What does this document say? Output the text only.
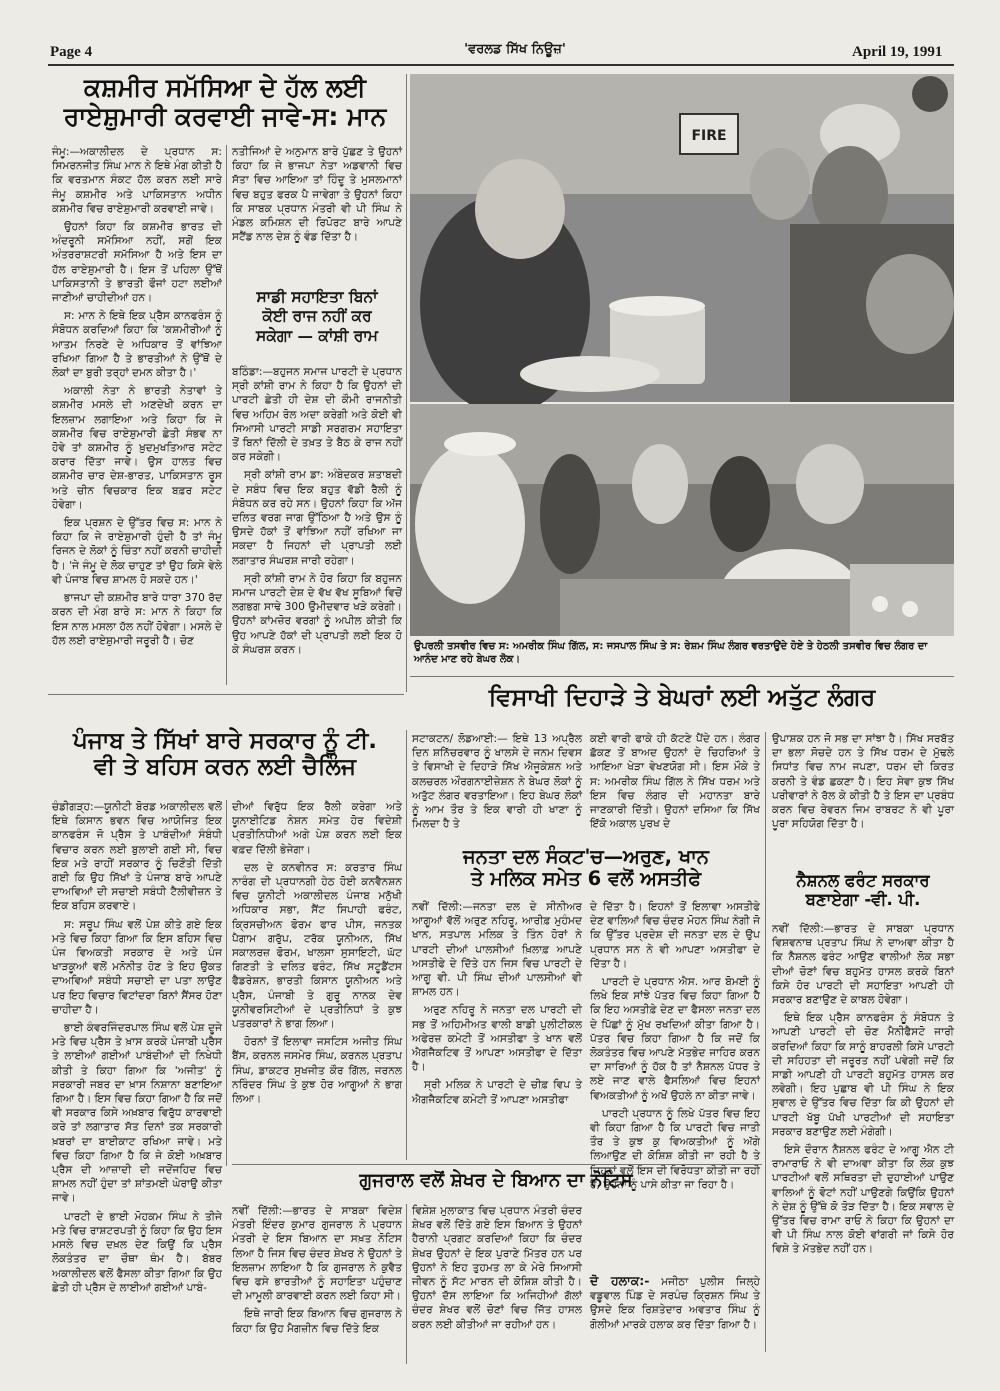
Page 4	'ਵਰਲਡ ਸਿੱਖ ਨਿਊਜ਼'	April 19, 1991
ਕਸ਼ਮੀਰ ਸਮੱਸਿਆ ਦੇ ਹੱਲ ਲਈ
ਰਾਏਸ਼ੁਮਾਰੀ ਕਰਵਾਈ ਜਾਵੇ-ਸ: ਮਾਨ

ਜੰਮੂ:—ਅਕਾਲੀਦਲ ਦੇ ਪ੍ਰਧਾਨ ਸ: ਸਿਮਰਨਜੀਤ ਸਿੰਘ ਮਾਨ ਨੇ ਇਥੇ ਮੰਗ ਕੀਤੀ ਹੈ ਕਿ ਵਰਤਮਾਨ ਸੰਕਟ ਹੱਲ ਕਰਨ ਲਈ ਸਾਰੇ ਜੰਮੂ ਕਸ਼ਮੀਰ ਅਤੇ ਪਾਕਿਸਤਾਨ ਅਧੀਨ ਕਸ਼ਮੀਰ ਵਿਚ ਰਾਏਸ਼ੁਮਾਰੀ ਕਰਵਾਈ ਜਾਵੇ।

ਉਹਨਾਂ ਕਿਹਾ ਕਿ ਕਸ਼ਮੀਰ ਭਾਰਤ ਦੀ ਅੰਦਰੂਨੀ ਸਮੱਸਿਆ ਨਹੀਂ, ਸਗੋਂ ਇਕ ਅੰਤਰਰਾਸ਼ਟਰੀ ਸਮੱਸਿਆ ਹੈ ਅਤੇ ਇਸ ਦਾ ਹੱਲ ਰਾਏਸ਼ੁਮਾਰੀ ਹੈ। ਇਸ ਤੋਂ ਪਹਿਲਾ ਉੱਥੋਂ ਪਾਕਿਸਤਾਨੀ ਤੇ ਭਾਰਤੀ ਫੌਜਾਂ ਹਟਾ ਲਈਆਂ ਜਾਣੀਆਂ ਚਾਹੀਦੀਆਂ ਹਨ।

ਸ: ਮਾਨ ਨੇ ਇਥੇ ਇਕ ਪ੍ਰੈਸ ਕਾਨਫਰੰਸ ਨੂੰ ਸੰਬੋਧਨ ਕਰਦਿਆਂ ਕਿਹਾ ਕਿ 'ਕਸ਼ਮੀਰੀਆਂ ਨੂੰ ਆਤਮ ਨਿਰਣੇ ਦੇ ਅਧਿਕਾਰ ਤੋਂ ਵਾਂਝਿਆ ਰਖਿਆ ਗਿਆ ਹੈ ਤੇ ਭਾਰਤੀਆਂ ਨੇ ਉੱਥੋਂ ਦੇ ਲੋਕਾਂ ਦਾ ਬੁਰੀ ਤਰ੍ਹਾਂ ਦਮਨ ਕੀਤਾ ਹੈ।'

ਅਕਾਲੀ ਨੇਤਾ ਨੇ ਭਾਰਤੀ ਨੇਤਾਵਾਂ ਤੇ ਕਸ਼ਮੀਰ ਮਸਲੇ ਦੀ ਅਣਦੇਖੀ ਕਰਨ ਦਾ ਇਲਜ਼ਾਮ ਲਗਾਇਆ ਅਤੇ ਕਿਹਾ ਕਿ ਜੇ ਕਸ਼ਮੀਰ ਵਿਚ ਰਾਏਸ਼ੁਮਾਰੀ ਛੇਤੀ ਸੰਭਵ ਨਾ ਹੋਵੇ ਤਾਂ ਕਸ਼ਮੀਰ ਨੂੰ ਖ਼ੁਦਮੁਖਤਿਆਰ ਸਟੇਟ ਕਰਾਰ ਦਿੱਤਾ ਜਾਵੇ। ਉਸ ਹਾਲਤ ਵਿਚ ਕਸ਼ਮੀਰ ਚਾਰ ਦੇਸ਼-ਭਾਰਤ, ਪਾਕਿਸਤਾਨ ਰੂਸ ਅਤੇ ਚੀਨ ਵਿਚਕਾਰ ਇਕ ਬਫ਼ਰ ਸਟੇਟ ਹੋਵੇਗਾ।

ਇਕ ਪ੍ਰਸ਼ਨ ਦੇ ਉੱਤਰ ਵਿਚ ਸ: ਮਾਨ ਨੇ ਕਿਹਾ ਕਿ ਜੇ ਰਾਏਸ਼ੁਮਾਰੀ ਹੁੰਦੀ ਹੈ ਤਾਂ ਜੰਮੂ ਰਿਜਨ ਦੇ ਲੋਕਾਂ ਨੂੰ ਚਿੰਤਾ ਨਹੀਂ ਕਰਨੀ ਚਾਹੀਦੀ ਹੈ। 'ਜੇ ਜੰਮੂ ਦੇ ਲੋਕ ਚਾਹੁਣ ਤਾਂ ਉਹ ਕਿਸੇ ਵੇਲੇ ਵੀ ਪੰਜਾਬ ਵਿਚ ਸ਼ਾਮਲ ਹੋ ਸਕਦੇ ਹਨ।'

ਭਾਜਪਾ ਦੀ ਕਸ਼ਮੀਰ ਬਾਰੇ ਧਾਰਾ 370 ਰੱਦ ਕਰਨ ਦੀ ਮੰਗ ਬਾਰੇ ਸ: ਮਾਨ ਨੇ ਕਿਹਾ ਕਿ ਇਸ ਨਾਲ ਮਸਲਾ ਹੱਲ ਨਹੀਂ ਹੋਵੇਗਾ। ਮਸਲੇ ਦੇ ਹੱਲ ਲਈ ਰਾਏਸ਼ੁਮਾਰੀ ਜਰੂਰੀ ਹੈ। ਚੋਣ

ਨਤੀਜਿਆਂ ਦੇ ਅਨੁਮਾਨ ਬਾਰੇ ਪੁੱਛਣ ਤੇ ਉਹਨਾਂ ਕਿਹਾ ਕਿ ਜੇ ਭਾਜਪਾ ਨੇਤਾ ਅਡਵਾਨੀ ਵਿਚ ਸੱਤਾ ਵਿਚ ਆਇਆ ਤਾਂ ਹਿੰਦੂ ਤੇ ਮੁਸਲਮਾਨਾਂ ਵਿਚ ਬਹੁਤ ਫਰਕ ਪੈ ਜਾਵੇਗਾ ਤੇ ਉਹਨਾਂ ਕਿਹਾ ਕਿ ਸਾਬਕ ਪ੍ਰਧਾਨ ਮੰਤਰੀ ਵੀ ਪੀ ਸਿੰਘ ਨੇ ਮੰਡਲ ਕਮਿਸ਼ਨ ਦੀ ਰਿਪੋਰਟ ਬਾਰੇ ਆਪਣੇ ਸਟੈਂਡ ਨਾਲ ਦੇਸ਼ ਨੂੰ ਵੰਡ ਦਿੱਤਾ ਹੈ।

ਸਾਡੀ ਸਹਾਇਤਾ ਬਿਨਾਂ
ਕੋਈ ਰਾਜ ਨਹੀਂ ਕਰ
ਸਕੇਗਾ — ਕਾਂਸ਼ੀ ਰਾਮ

ਬਠਿੰਡਾ:—ਬਹੁਜਨ ਸਮਾਜ ਪਾਰਟੀ ਦੇ ਪ੍ਰਧਾਨ ਸ੍ਰੀ ਕਾਂਸ਼ੀ ਰਾਮ ਨੇ ਕਿਹਾ ਹੈ ਕਿ ਉਹਨਾਂ ਦੀ ਪਾਰਟੀ ਛੇਤੀ ਹੀ ਦੇਸ਼ ਦੀ ਕੌਮੀ ਰਾਜਨੀਤੀ ਵਿਚ ਅਹਿਮ ਰੋਲ ਅਦਾ ਕਰੇਗੀ ਅਤੇ ਕੋਈ ਵੀ ਸਿਆਸੀ ਪਾਰਟੀ ਸਾਡੀ ਸਰਗਰਮ ਸਹਾਇਤਾ ਤੋਂ ਬਿਨਾਂ ਦਿੱਲੀ ਦੇ ਤਖ਼ਤ ਤੇ ਬੈਠ ਕੇ ਰਾਜ ਨਹੀਂ ਕਰ ਸਕੇਗੀ।

ਸ੍ਰੀ ਕਾਂਸ਼ੀ ਰਾਮ ਡਾ: ਅੰਬੇਦਕਰ ਸ਼ਤਾਬਦੀ ਦੇ ਸਬੰਧ ਵਿਚ ਇਕ ਬਹੁਤ ਵੱਡੀ ਰੈਲੀ ਨੂੰ ਸੰਬੋਧਨ ਕਰ ਰਹੇ ਸਨ। ਉਹਨਾਂ ਕਿਹਾ ਕਿ ਅੱਜ ਦਲਿਤ ਵਰਗ ਜਾਗ ਉੱਠਿਆ ਹੈ ਅਤੇ ਉਸ ਨੂੰ ਉਸਦੇ ਹੱਕਾਂ ਤੋਂ ਵਾਂਝਿਆ ਨਹੀਂ ਰਖਿਆ ਜਾ ਸਕਦਾ ਹੈ ਜਿਹਨਾਂ ਦੀ ਪ੍ਰਾਪਤੀ ਲਈ ਲਗਾਤਾਰ ਸੰਘਰਸ਼ ਜਾਰੀ ਰਹੇਗਾ।

ਸ੍ਰੀ ਕਾਂਸ਼ੀ ਰਾਮ ਨੇ ਹੋਰ ਕਿਹਾ ਕਿ ਬਹੁਜਨ ਸਮਾਜ ਪਾਰਟੀ ਦੇਸ਼ ਦੇ ਵੱਖ ਵੱਖ ਸੂਬਿਆਂ ਵਿਚੋਂ ਲਗਭਗ ਸਾਢੇ 300 ਉਮੀਦਵਾਰ ਖੜੇ ਕਰੇਗੀ। ਉਹਨਾਂ ਕਾਂਮਜ਼ੋਰ ਵਰਗਾਂ ਨੂੰ ਅਪੀਲ ਕੀਤੀ ਕਿ ਉਹ ਆਪਣੇ ਹੱਕਾਂ ਦੀ ਪ੍ਰਾਪਤੀ ਲਈ ਇਕ ਹੋ ਕੇ ਸੰਘਰਸ਼ ਕਰਨ।

FIRE
ਉਪਰਲੀ ਤਸਵੀਰ ਵਿਚ ਸ: ਅਮਰੀਕ ਸਿੰਘ ਗਿੱਲ, ਸ: ਜਸਪਾਲ ਸਿੰਘ ਤੇ ਸ: ਰੇਸ਼ਮ ਸਿੰਘ ਲੰਗਰ ਵਰਤਾਉਂਦੇ ਹੋਏ ਤੇ ਹੇਠਲੀ ਤਸਵੀਰ ਵਿਚ ਲੰਗਰ ਦਾ ਆਨੰਦ ਮਾਣ ਰਹੇ ਬੇਘਰ ਲੋਕ।
ਵਿਸਾਖੀ ਦਿਹਾੜੇ ਤੇ ਬੇਘਰਾਂ ਲਈ ਅਤੁੱਟ ਲੰਗਰ
ਪੰਜਾਬ ਤੇ ਸਿੱਖਾਂ ਬਾਰੇ ਸਰਕਾਰ ਨੂੰ ਟੀ.
ਵੀ ਤੇ ਬਹਿਸ ਕਰਨ ਲਈ ਚੈਲਿੰਜ

ਚੰਡੀਗੜ੍ਹ:—ਯੂਨੀਟੀ ਬੋਰਡ ਅਕਾਲੀਦਲ ਵਲੋਂ ਇਥੇ ਕਿਸਾਨ ਭਵਨ ਵਿਚ ਆਯੋਜਿਤ ਇਕ ਕਾਨਫਰੰਸ ਜੋ ਪ੍ਰੈਸ ਤੇ ਪਾਬੰਦੀਆਂ ਸੰਬੰਧੀ ਵਿਚਾਰ ਕਰਨ ਲਈ ਬੁਲਾਈ ਗਈ ਸੀ, ਵਿਚ ਇਕ ਮਤੇ ਰਾਹੀਂ ਸਰਕਾਰ ਨੂੰ ਚਿਣੌਤੀ ਦਿੱਤੀ ਗਈ ਕਿ ਉਹ ਸਿੱਖਾਂ ਤੇ ਪੰਜਾਬ ਬਾਰੇ ਆਪਣੇ ਦਾਅਵਿਆਂ ਦੀ ਸਚਾਈ ਸਬੰਧੀ ਟੈਲੀਵੀਜ਼ਨ ਤੇ ਇਕ ਬਹਿਸ ਕਰਵਾਏ।

ਸ: ਸਰੂਪ ਸਿੰਘ ਵਲੋਂ ਪੇਸ਼ ਕੀਤੇ ਗਏ ਇਕ ਮਤੇ ਵਿਚ ਕਿਹਾ ਗਿਆ ਕਿ ਇਸ ਬਹਿਸ ਵਿਚ ਪੰਜ ਵਿਅਕਤੀ ਸਰਕਾਰ ਦੇ ਅਤੇ ਪੰਜ ਖਾੜਕੂਆਂ ਵਲੋਂ ਮਨੋਨੀਤ ਹੋਣ ਤੇ ਇਹ ਉਕਤ ਦਾਅਵਿਆਂ ਸਬੰਧੀ ਸਚਾਈ ਦਾ ਪਤਾ ਲਾਉਣ ਪਰ ਇਹ ਵਿਚਾਰ ਵਿਟਾਂਦਰਾ ਬਿਨਾਂ ਸੈਂਸਰ ਹੋਣਾ ਚਾਹੀਦਾ ਹੈ।

ਭਾਈ ਕੰਵਰਜਿੰਦਰਪਾਲ ਸਿੰਘ ਵਲੋਂ ਪੇਸ਼ ਦੂਜੇ ਮਤੇ ਵਿਚ ਪ੍ਰੈਸ ਤੇ ਖ਼ਾਸ ਕਰਕੇ ਪੰਜਾਬੀ ਪ੍ਰੈਸ ਤੇ ਲਾਈਆਂ ਗਈਆਂ ਪਾਬੰਦੀਆਂ ਦੀ ਨਿਖੇਧੀ ਕੀਤੀ ਤੇ ਕਿਹਾ ਗਿਆ ਕਿ 'ਅਜੀਤ' ਨੂੰ ਸਰਕਾਰੀ ਜਬਰ ਦਾ ਖ਼ਾਸ ਨਿਸ਼ਾਨਾ ਬਣਾਇਆ ਗਿਆ ਹੈ। ਇਸ ਵਿਚ ਕਿਹਾ ਗਿਆ ਹੈ ਕਿ ਜਦੋਂ ਵੀ ਸਰਕਾਰ ਕਿਸੇ ਅਖ਼ਬਾਰ ਵਿਰੁੱਧ ਕਾਰਵਾਈ ਕਰੇ ਤਾਂ ਲਗਾਤਾਰ ਸੱਤ ਦਿਨਾਂ ਤਕ ਸਰਕਾਰੀ ਖ਼ਬਰਾਂ ਦਾ ਬਾਈਕਾਟ ਰਖਿਆ ਜਾਵੇ। ਮਤੇ ਵਿਚ ਕਿਹਾ ਗਿਆ ਹੈ ਕਿ ਜੇ ਕੋਈ ਅਖ਼ਬਾਰ ਪ੍ਰੈਸ ਦੀ ਆਜ਼ਾਦੀ ਦੀ ਜਦੋਂਜਹਿਦ ਵਿਚ ਸ਼ਾਮਲ ਨਹੀਂ ਹੁੰਦਾ ਤਾਂ ਸ਼ਾਂਤਮਈ ਘੇਰਾਉ ਕੀਤਾ ਜਾਵੇ।

ਪਾਰਟੀ ਦੇ ਭਾਈ ਮੋਹਕਮ ਸਿੰਘ ਨੇ ਤੀਜੇ ਮਤੇ ਵਿਚ ਰਾਸ਼ਟਰਪਤੀ ਨੂੰ ਕਿਹਾ ਕਿ ਉਹ ਇਸ ਮਸਲੇ ਵਿਚ ਦਖ਼ਲ ਦੇਣ ਕਿਉਂ ਕਿ ਪ੍ਰੈਸ ਲੋਕਤੰਤਰ ਦਾ ਚੌਥਾ ਥੰਮ ਹੈ। ਬੱਬਰ ਅਕਾਲੀਦਲ ਵਲੋਂ ਫੈਸਲਾ ਕੀਤਾ ਗਿਆ ਕਿ ਉਹ ਛੇਤੀ ਹੀ ਪ੍ਰੈਸ ਦੇ ਲਾਈਆਂ ਗਈਆਂ ਪਾਬੰ-

ਦੀਆਂ ਵਿਰੁੱਧ ਇਕ ਰੈਲੀ ਕਰੇਗਾ ਅਤੇ ਯੂਨਾਈਟਿਡ ਨੇਸ਼ਨ ਸਮੇਤ ਹੋਰ ਵਿਦੇਸ਼ੀ ਪ੍ਰਤੀਨਿਧੀਆਂ ਅਗੇ ਪੇਸ਼ ਕਰਨ ਲਈ ਇਕ ਵਫ਼ਦ ਦਿੱਲੀ ਭੇਜੇਗਾ।

ਦਲ ਦੇ ਕਨਵੀਨਰ ਸ: ਕਰਤਾਰ ਸਿੰਘ ਨਾਰੰਗ ਦੀ ਪ੍ਰਧਾਨਗੀ ਹੇਠ ਹੋਈ ਕਨਵੈਨਸ਼ਨ ਵਿਚ ਯੂਨੀਟੀ ਅਕਾਲੀਦਲ ਪੰਜਾਬ ਮਨੁੱਖੀ ਅਧਿਕਾਰ ਸਭਾ, ਸੈਂਟ ਸਿਪਾਹੀ ਫਰੰਟ, ਕ੍ਰਿਸਚੀਅਨ ਫੋਰਮ ਫਾਰ ਪੀਸ, ਜਨਤਕ ਪੈਗਾਮ ਗਰੁੱਪ, ਟਰੱਕ ਯੂਨੀਅਨ, ਸਿੱਖ ਸਕਾਲਰਜ਼ ਫੋਰਮ, ਖਾਲਸਾ ਸੁਸਾਇਟੀ, ਘੱਟ ਗਿਣਤੀ ਤੇ ਦਲਿਤ ਫਰੰਟ, ਸਿੱਖ ਸਟੂਡੈਂਟਸ ਫੈਡਰੇਸ਼ਨ, ਭਾਰਤੀ ਕਿਸਾਨ ਯੂਨੀਅਨ ਅਤੇ ਪ੍ਰੈਸ, ਪੰਜਾਬੀ ਤੇ ਗੁਰੂ ਨਾਨਕ ਦੇਵ ਯੂਨੀਵਰਸਿਟੀਆਂ ਦੇ ਪ੍ਰਤੀਨਿਧਾਂ ਤੇ ਕੁਝ ਪਤਰਕਾਰਾਂ ਨੇ ਭਾਗ ਲਿਆ।

ਹੋਰਨਾਂ ਤੋਂ ਇਲਾਵਾ ਜਸਟਿਸ ਅਜੀਤ ਸਿੰਘ ਬੈਂਸ, ਕਰਨਲ ਜਸਮੇਰ ਸਿੰਘ, ਕਰਨਲ ਪ੍ਰਤਾਪ ਸਿੰਘ, ਡਾਕਟਰ ਸੁਖਜੀਤ ਕੌਰ ਗਿੱਲ, ਜਰਨਲ ਨਰਿੰਦਰ ਸਿੰਘ ਤੇ ਕੁਝ ਹੋਰ ਆਗੂਆਂ ਨੇ ਭਾਗ ਲਿਆ।

ਸਟਾਕਟਨ/ ਲੋਡਆਈ:— ਇਥੇ 13 ਅਪ੍ਰੈਲ ਦਿਨ ਸ਼ਨਿੱਚਰਵਾਰ ਨੂੰ ਖਾਲਸੇ ਦੇ ਜਨਮ ਦਿਵਸ ਤੇ ਵਿਸਾਖੀ ਦੇ ਦਿਹਾੜੇ ਸਿੱਖ ਐਜੂਕੇਸ਼ਨ ਅਤੇ ਕਲਚਰਲ ਔਰਗਨਾਈਜ਼ੇਸ਼ਨ ਨੇ ਬੇਘਰ ਲੋਕਾਂ ਨੂੰ ਅਤੁੱਟ ਲੰਗਰ ਵਰਤਾਇਆ। ਇਹ ਬੇਘਰ ਲੋਕਾਂ ਨੂੰ ਆਮ ਤੌਰ ਤੇ ਇਕ ਵਾਰੀ ਹੀ ਖਾਣਾ ਨੂੰ ਮਿਲਦਾ ਹੈ ਤੇ

ਕਈ ਵਾਰੀ ਫਾਕੇ ਹੀ ਕੱਟਣੇ ਪੈਂਦੇ ਹਨ। ਲੰਗਰ ਛੱਕਣ ਤੋਂ ਬਾਅਦ ਉਹਨਾਂ ਦੇ ਚਿਹਰਿਆਂ ਤੇ ਆਇਆ ਖੇੜਾ ਵੇਖਣਯੋਗ ਸੀ। ਇਸ ਮੌਕੇ ਤੇ ਸ: ਅਮਰੀਕ ਸਿੰਘ ਗਿੱਲ ਨੇ ਸਿੱਖ ਧਰਮ ਅਤੇ ਇਸ ਵਿਚ ਲੰਗਰ ਦੀ ਮਹਾਨਤਾ ਬਾਰੇ ਜਾਣਕਾਰੀ ਦਿੱਤੀ। ਉਹਨਾਂ ਦਸਿਆ ਕਿ ਸਿੱਖ ਇੱਕੋ ਅਕਾਲ ਪੁਰਖ ਦੇ

ਉਪਾਸ਼ਕ ਹਨ ਜੋ ਸਭ ਦਾ ਸਾਂਝਾ ਹੈ। ਸਿੱਖ ਸਰਬੱਤ ਦਾ ਭਲਾ ਸੋਚਦੇ ਹਨ ਤੇ ਸਿੱਖ ਧਰਮ ਦੇ ਮੁੱਢਲੇ ਸਿਧਾਂਤ ਵਿਚ ਨਾਮ ਜਪਣਾ, ਧਰਮ ਦੀ ਕਿਰਤ ਕਰਨੀ ਤੇ ਵੰਡ ਛਕਣਾ ਹੈ। ਇਹ ਸੇਵਾ ਕੁਝ ਸਿੱਖ ਪਰੀਵਾਰਾਂ ਨੇ ਰੱਲ ਕੇ ਕੀਤੀ ਹੈ ਤੇ ਇਸ ਦਾ ਪ੍ਰਬੰਧ ਕਰਨ ਵਿਚ ਰੇਵਰਨ ਜਿਮ ਰਾਬਰਟ ਨੇ ਵੀ ਪੂਰਾ ਪੂਰਾ ਸਹਿਯੋਗ ਦਿੱਤਾ ਹੈ।

ਜਨਤਾ ਦਲ ਸੰਕਟ'ਚ—ਅਰੁਣ, ਖਾਨ
ਤੇ ਮਲਿਕ ਸਮੇਤ 6 ਵਲੋਂ ਅਸਤੀਫੇ

ਨਵੀਂ ਦਿੱਲੀ:—ਜਨਤਾ ਦਲ ਦੇ ਸੀਨੀਅਰ ਆਗੂਆਂ ਵੱਲੋਂ ਅਰੁਣ ਨਹਿਰੂ, ਆਰੀਫ਼ ਮੁਹੰਮਦ ਖਾਨ, ਸਤਪਾਲ ਮਲਿਕ ਤੇ ਤਿੰਨ ਹੋਰਾਂ ਨੇ ਪਾਰਟੀ ਦੀਆਂ ਪਾਲਸੀਆਂ ਖ਼ਿਲਾਫ਼ ਆਪਣੇ ਅਸਤੀਫੇ ਦੇ ਦਿੱਤੇ ਹਨ ਜਿਸ ਵਿਚ ਪਾਰਟੀ ਦੇ ਆਗੂ ਵੀ. ਪੀ ਸਿੰਘ ਦੀਆਂ ਪਾਲਸੀਆਂ ਵੀ ਸ਼ਾਮਲ ਹਨ।

ਅਰੁਣ ਨਹਿਰੂ ਨੇ ਜਨਤਾ ਦਲ ਪਾਰਟੀ ਦੀ ਸਭ ਤੋਂ ਅਹਿਮੀਅਤ ਵਾਲੀ ਬਾਡੀ ਪੁਲੀਟੀਕਲ ਅਫੇਰਜ਼ ਕਮੇਟੀ ਤੋਂ ਅਸਤੀਫਾ ਤੇ ਖਾਨ ਵਲੋਂ ਐਗਜੈਕਟਿਵ ਤੋਂ ਆਪਣਾ ਅਸਤੀਫਾ ਦੇ ਦਿੱਤਾ ਹੈ।

ਸ੍ਰੀ ਮਲਿਕ ਨੇ ਪਾਰਟੀ ਦੇ ਚੀਫ਼ ਵਿਪ ਤੇ ਐਗਜੈਕਟਿਵ ਕਮੇਟੀ ਤੋਂ ਆਪਣਾ ਅਸਤੀਫਾ

ਦੇ ਦਿੱਤਾ ਹੈ। ਇਹਨਾਂ ਤੋਂ ਇਲਾਵਾ ਅਸਤੀਫੇ ਦੇਣ ਵਾਲਿਆਂ ਵਿਚ ਚੰਦਰ ਮੋਹਨ ਸਿੰਘ ਨੇਗੀ ਜੋ ਕਿ ਉੱਤਰ ਪ੍ਰਦੇਸ਼ ਦੀ ਜਨਤਾ ਦਲ ਦੇ ਉਪ ਪ੍ਰਧਾਨ ਸਨ ਨੇ ਵੀ ਆਪਣਾ ਅਸਤੀਫਾ ਦੇ ਦਿੱਤਾ ਹੈ।

ਪਾਰਟੀ ਦੇ ਪ੍ਰਧਾਨ ਐਸ. ਆਰ ਬੋਮਈ ਨੂੰ ਲਿਖੇ ਇਕ ਸਾਂਝੇ ਪੱਤਰ ਵਿਚ ਕਿਹਾ ਗਿਆ ਹੈ ਕਿ ਇਹ ਅਸਤੀਫ਼ੇ ਦੇਣ ਦਾ ਫੈਸਲਾ ਜਨਤਾ ਦਲ ਦੇ ਪਿੱਛਾਂ ਨੂੰ ਮੁੱਖ ਰਖਦਿਆਂ ਕੀਤਾ ਗਿਆ ਹੈ। ਪੱਤਰ ਵਿਚ ਕਿਹਾ ਗਿਆ ਹੈ ਕਿ ਜਦੋਂ ਕਿ ਲੋਕਤੰਤਰ ਵਿਚ ਆਪਣੇ ਮੱਤਭੇਦ ਜਾਹਿਰ ਕਰਨ ਦਾ ਸਾਰਿਆਂ ਨੂੰ ਹੱਕ ਹੈ ਤਾਂ ਨੈਸ਼ਨਲ ਪੱਧਰ ਤੇ ਲਏ ਜਾਣ ਵਾਲੇ ਫੈਸਲਿਆਂ ਵਿਚ ਇਹਨਾਂ ਵਿਅਕਤੀਆਂ ਨੂੰ ਅਖੋਂ ਉਹਲੇ ਨਾ ਕੀਤਾ ਜਾਵੇ।

ਪਾਰਟੀ ਪ੍ਰਧਾਨ ਨੂੰ ਲਿਖੇ ਪੱਤਰ ਵਿਚ ਇਹ ਵੀ ਕਿਹਾ ਗਿਆ ਹੈ ਕਿ ਪਾਰਟੀ ਵਿਚ ਜਾਤੀ ਤੌਰ ਤੇ ਕੁਝ ਕੁ ਵਿਅਕਤੀਆਂ ਨੂੰ ਅੱਗੇ ਲਿਆਉਣ ਦੀ ਕੋਸ਼ਿਸ਼ ਕੀਤੀ ਜਾ ਰਹੀ ਹੈ ਤੇ ਜਿਹਨਾਂ ਵਲੋਂ ਇਸ ਦੀ ਵਿਰੋਧਤਾ ਕੀਤੀ ਜਾ ਰਹੀ ਹੈ, ਉਹਨਾਂ ਨੂੰ ਪਾਸੇ ਕੀਤਾ ਜਾ ਰਿਹਾ ਹੈ।

ਨੈਸ਼ਨਲ ਫਰੰਟ ਸਰਕਾਰ
ਬਣਾਏਗਾ -ਵੀ. ਪੀ.

ਨਵੀਂ ਦਿੱਲੀ:—ਭਾਰਤ ਦੇ ਸਾਬਕਾ ਪ੍ਰਧਾਨ ਵਿਸ਼ਵਨਾਥ ਪ੍ਰਤਾਪ ਸਿੰਘ ਨੇ ਦਾਅਵਾ ਕੀਤਾ ਹੈ ਕਿ ਨੈਸ਼ਨਲ ਫਰੰਟ ਆਉਣ ਵਾਲੀਆਂ ਲੋਕ ਸਭਾ ਦੀਆਂ ਚੋਣਾਂ ਵਿਚ ਬਹੁਮੱਤ ਹਾਸਲ ਕਰਕੇ ਬਿਨਾਂ ਕਿਸੇ ਹੋਰ ਪਾਰਟੀ ਦੀ ਸਹਾਇਤਾ ਆਪਣੀ ਹੀ ਸਰਕਾਰ ਬਣਾਉਣ ਦੇ ਕਾਬਲ ਹੋਵੇਗਾ।

ਇਥੇ ਇਕ ਪ੍ਰੈਸ ਕਾਨਫਰੰਸ ਨੂੰ ਸੰਬੋਧਨ ਤੇ ਆਪਣੀ ਪਾਰਟੀ ਦੀ ਚੋਣ ਮੈਨੀਫੈਸਟੋ ਜਾਰੀ ਕਰਦਿਆਂ ਕਿਹਾ ਕਿ ਸਾਨੂੰ ਬਾਹਰਲੀ ਕਿਸੇ ਪਾਰਟੀ ਦੀ ਸਹਿਹਤਾ ਦੀ ਜਰੂਰਤ ਨਹੀਂ ਪਵੇਗੀ ਜਦੋਂ ਕਿ ਸਾਡੀ ਆਪਣੀ ਹੀ ਪਾਰਟੀ ਬਹੁਮੱਤ ਹਾਸਲ ਕਰ ਲਵੇਗੀ। ਇਹ ਪੁਛਾਬ ਵੀ ਪੀ ਸਿੰਘ ਨੇ ਇਕ ਸੁਵਾਲ ਦੇ ਉੱਤਰ ਵਿਚ ਦਿੱਤਾ ਕਿ ਕੀ ਉਹਨਾਂ ਦੀ ਪਾਰਟੀ ਖੱਬੂ ਪੱਖੀ ਪਾਰਟੀਆਂ ਦੀ ਸਹਾਇਤਾ ਸਰਕਾਰ ਬਣਾਉਣ ਲਈ ਮੰਗੇਗੀ।

ਇਸੇ ਦੌਰਾਨ ਨੈਸ਼ਨਲ ਫਰੰਟ ਦੇ ਆਗੂ ਐਨ ਟੀ ਰਾਮਾਰਾਓ ਨੇ ਵੀ ਦਾਅਵਾ ਕੀਤਾ ਕਿ ਲੋਕ ਕੁਝ ਪਾਰਟੀਆਂ ਵਲੋਂ ਸਥਿਰਤਾ ਦੀ ਦੁਹਾਈਆਂ ਪਾਉਣ ਵਾਲਿਆਂ ਨੂੰ ਵੋਟਾਂ ਨਹੀਂ ਪਾਉਣਗੇ ਕਿਉਂਕਿ ਉਹਨਾਂ ਨੇ ਦੇਸ਼ ਨੂੰ ਉੱਥੇ ਕੋ ਤੋੜ ਦਿੱਤਾ ਹੈ। ਇਕ ਸਵਾਲ ਦੇ ਉੱਤਰ ਵਿਚ ਰਾਮਾ ਰਾਓ ਨੇ ਕਿਹਾ ਕਿ ਉਹਨਾਂ ਦਾ ਵੀ ਪੀ ਸਿੰਘ ਨਾਲ ਕੋਈ ਵਾਂਗਰੀ ਜਾਂ ਕਿਸੇ ਹੋਰ ਵਿਸ਼ੇ ਤੇ ਮੱਤਭੇਦ ਨਹੀਂ ਹਨ।

ਗੁਜਰਾਲ ਵਲੋਂ ਸ਼ੇਖਰ ਦੇ ਬਿਆਨ ਦਾ ਨੋਟਿਸ

ਨਵੀਂ ਦਿੱਲੀ:—ਭਾਰਤ ਦੇ ਸਾਬਕਾ ਵਿਦੇਸ਼ ਮੰਤਰੀ ਇੰਦਰ ਕੁਮਾਰ ਗੁਜਰਾਲ ਨੇ ਪ੍ਰਧਾਨ ਮੰਤਰੀ ਦੇ ਇਸ ਬਿਆਨ ਦਾ ਸਖ਼ਤ ਨੋਟਿਸ ਲਿਆ ਹੈ ਜਿਸ ਵਿਚ ਚੰਦਰ ਸ਼ੇਖਰ ਨੇ ਉਹਨਾਂ ਤੇ ਇਲਜ਼ਾਮ ਲਾਇਆ ਹੈ ਕਿ ਗੁਜਰਾਲ ਨੇ ਕੁਵੈਤ ਵਿਚ ਫਸੇ ਭਾਰਤੀਆਂ ਨੂੰ ਸਹਾਇਤਾ ਪਹੁੰਚਾਣ ਦੀ ਮਾਮੂਲੀ ਕਾਰਵਾਈ ਕਰਨ ਲਈ ਕਿਹਾ ਸੀ।

ਇਥੇ ਜਾਰੀ ਇਕ ਬਿਆਨ ਵਿਚ ਗੁਜਰਾਲ ਨੇ ਕਿਹਾ ਕਿ ਉਹ ਮੈਗਜ਼ੀਨ ਵਿਚ ਦਿੱਤੇ ਇਕ

ਵਿਸ਼ੇਸ਼ ਮੁਲਾਕਾਤ ਵਿਚ ਪ੍ਰਧਾਨ ਮੰਤਰੀ ਚੰਦਰ ਸ਼ੇਖਰ ਵਲੋਂ ਦਿੱਤੇ ਗਏ ਇਸ ਬਿਆਨ ਤੇ ਉਹਨਾਂ ਹੈਰਾਨੀ ਪ੍ਰਗਟ ਕਰਦਿਆਂ ਕਿਹਾ ਕਿ ਚੰਦਰ ਸ਼ੇਖਰ ਉਹਨਾਂ ਦੇ ਇਕ ਪੁਰਾਣੇ ਮਿੱਤਰ ਹਨ ਪਰ ਉਹਨਾਂ ਨੇ ਇਹ ਤੁਹਮਤ ਲਾ ਕੇ ਮੇਰੇ ਸਿਆਸੀ ਜੀਵਨ ਨੂੰ ਸੱਟ ਮਾਰਨ ਦੀ ਕੋਸ਼ਿਸ਼ ਕੀਤੀ ਹੈ। ਉਹਨਾਂ ਦੱਸ ਲਾਇਆ ਕਿ ਅਜਿਹੀਆਂ ਗੱਲਾਂ ਚੰਦਰ ਸ਼ੇਖਰ ਵਲੋਂ ਚੋਣਾਂ ਵਿਚ ਜਿੱਤ ਹਾਸਲ ਕਰਨ ਲਈ ਕੀਤੀਆਂ ਜਾ ਰਹੀਆਂ ਹਨ।

ਦੋ ਹਲਾਕ:- ਮਜੀਠਾ ਪੁਲੀਸ ਜਿਲ੍ਹੇ ਵਡੂਵਾਲ ਪਿੰਡ ਦੇ ਸਰਪੰਚ ਕ੍ਰਿਸ਼ਨ ਸਿੰਘ ਤੇ ਉਸਦੇ ਇਕ ਰਿਸ਼ਤੇਦਾਰ ਅਵਤਾਰ ਸਿੰਘ ਨੂੰ ਗੋਲੀਆਂ ਮਾਰਕੇ ਹਲਾਕ ਕਰ ਦਿੱਤਾ ਗਿਆ ਹੈ।
